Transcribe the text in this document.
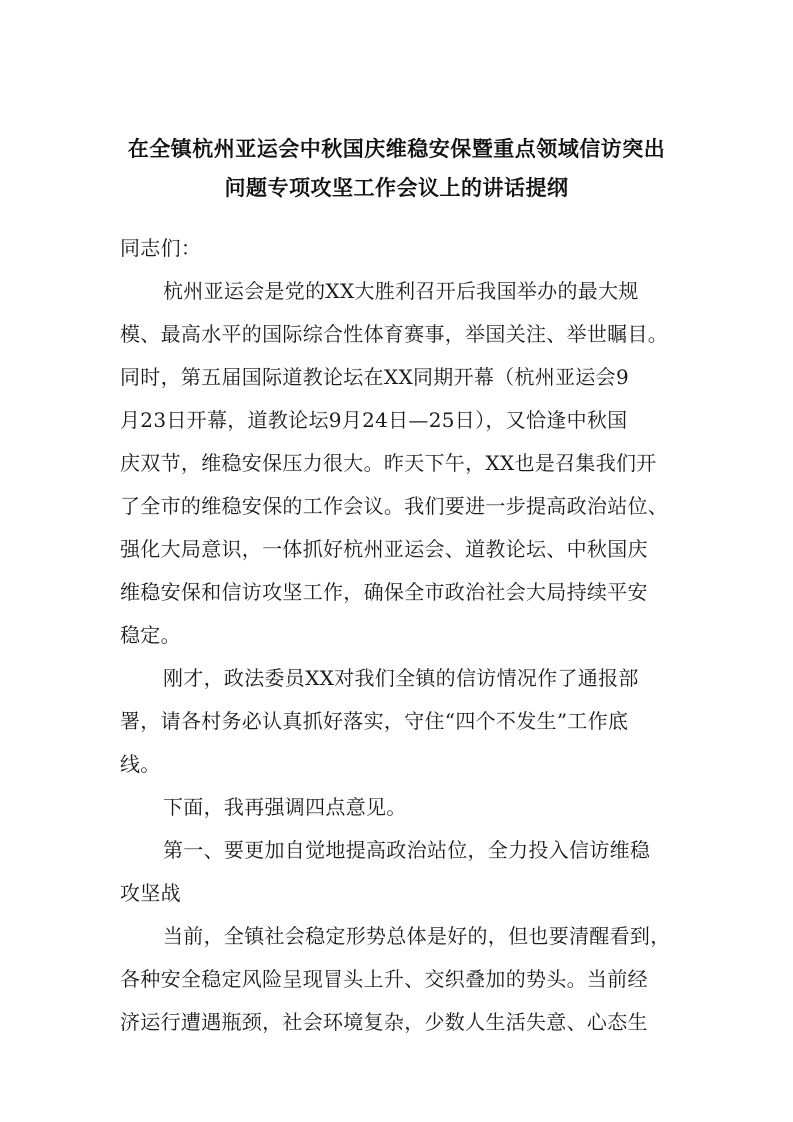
在全镇杭州亚运会中秋国庆维稳安保暨重点领域信访突出
问题专项攻坚工作会议上的讲话提纲
同志们：
杭州亚运会是党的XX大胜利召开后我国举办的最大规
模、最高水平的国际综合性体育赛事，举国关注、举世瞩目。
同时，第五届国际道教论坛在XX同期开幕（杭州亚运会9
月23日开幕，道教论坛9月24日—25日），又恰逢中秋国
庆双节，维稳安保压力很大。昨天下午，XX也是召集我们开
了全市的维稳安保的工作会议。我们要进一步提高政治站位、
强化大局意识，一体抓好杭州亚运会、道教论坛、中秋国庆
维稳安保和信访攻坚工作，确保全市政治社会大局持续平安
稳定。
刚才，政法委员XX对我们全镇的信访情况作了通报部
署，请各村务必认真抓好落实，守住“四个不发生”工作底
线。
下面，我再强调四点意见。
第一、要更加自觉地提高政治站位，全力投入信访维稳
攻坚战
当前，全镇社会稳定形势总体是好的，但也要清醒看到，
各种安全稳定风险呈现冒头上升、交织叠加的势头。当前经
济运行遭遇瓶颈，社会环境复杂，少数人生活失意、心态生
